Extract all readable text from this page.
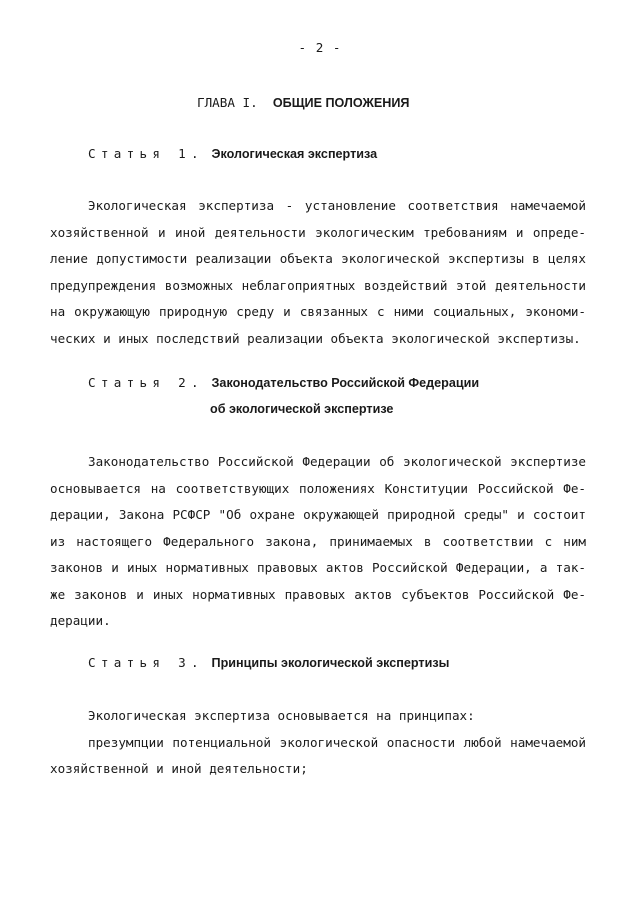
- 2 -
ГЛАВА I. ОБЩИЕ ПОЛОЖЕНИЯ
Статья 1. Экологическая экспертиза
Экологическая экспертиза - установление соответствия намечаемой
хозяйственной и иной деятельности экологическим требованиям и опреде-
ление допустимости реализации объекта экологической экспертизы в целях
предупреждения возможных неблагоприятных воздействий этой деятельности
на окружающую природную среду и связанных с ними социальных, экономи-
ческих и иных последствий реализации объекта экологической экспертизы.
Статья 2. Законодательство Российской Федерации
об экологической экспертизе
Законодательство Российской Федерации об экологической экспертизе
основывается на соответствующих положениях Конституции Российской Фе-
дерации, Закона РСФСР "Об охране окружающей природной среды" и состоит
из настоящего Федерального закона, принимаемых в соответствии с ним
законов и иных нормативных правовых актов Российской Федерации, а так-
же законов и иных нормативных правовых актов субъектов Российской Фе-
дерации.
Статья 3. Принципы экологической экспертизы
Экологическая экспертиза основывается на принципах:
презумпции потенциальной экологической опасности любой намечаемой
хозяйственной и иной деятельности;
